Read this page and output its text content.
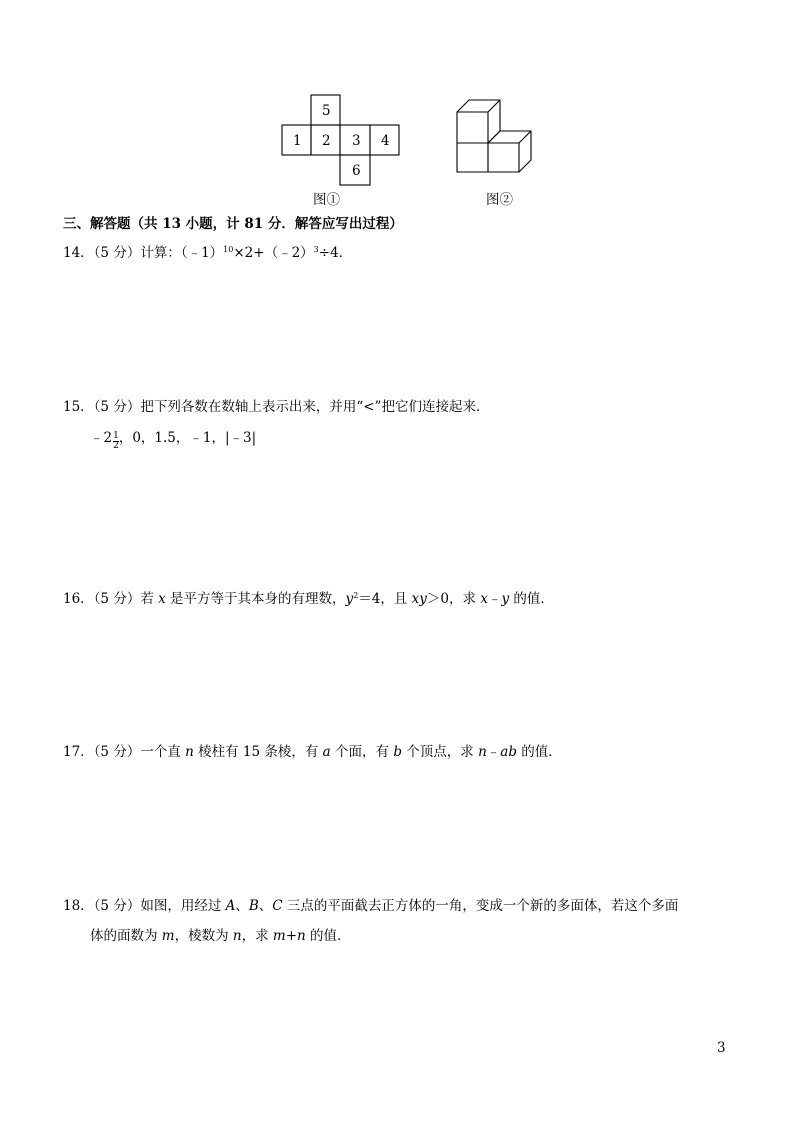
5
1 2 3 4
6
图①	图②
三、解答题（共 13 小题，计 81 分．解答应写出过程）
14．（5 分）计算：（﹣1）$^{10}$×2+（﹣2）$^3$÷4．
15．（5 分）把下列各数在数轴上表示出来，并用“<”把它们连接起来．
﹣2 $\frac{1}{2}$ ，0，1.5，﹣1，|﹣3|
16．（5 分）若 x 是平方等于其本身的有理数，$y^2=4$，且 xy＞0，求 x﹣y 的值．
17．（5 分）一个直 n 棱柱有 15 条棱，有 a 个面，有 b 个顶点，求 n﹣ab 的值．
18．（5 分）如图，用经过 A、B、C 三点的平面截去正方体的一角，变成一个新的多面体，若这个多面
体的面数为 m，棱数为 n，求 m+n 的值．
3
